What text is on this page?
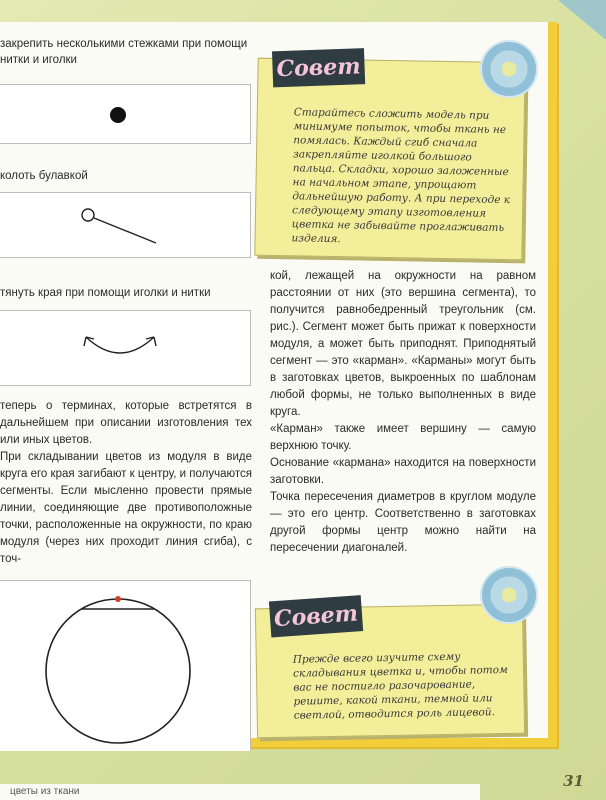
закрепить несколькими стежками при помощи нитки и иголки
колоть булавкой
тянуть края при помощи иголки и нитки

теперь о терминах, которые встретятся в дальнейшем при описании изготовления тех или иных цветов.

При складывании цветов из модуля в виде круга его края загибают к центру, и получаются сегменты. Если мысленно провести прямые линии, соединяющие две противоположные точки, расположенные на окружности, по краю модуля (через них проходит линия сгиба), с точ-

Совет
Старайтесь сложить модель при минимуме попыток, чтобы ткань не помялась. Каждый сгиб сначала закрепляйте иголкой большого пальца. Складки, хорошо заложенные на начальном этапе, упрощают дальнейшую работу. А при переходе к следующему этапу изготовления цветка не забывайте проглаживать изделия.

кой, лежащей на окружности на равном расстоянии от них (это вершина сегмента), то получится равнобедренный треугольник (см. рис.). Сегмент может быть прижат к поверхности модуля, а может быть приподнят. Приподнятый сегмент — это «карман». «Карманы» могут быть в заготовках цветов, выкроенных по шаблонам любой формы, не только выполненных в виде круга.

«Карман» также имеет вершину — самую верхнюю точку.

Основание «кармана» находится на поверхности заготовки.

Точка пересечения диаметров в круглом модуле — это его центр. Соответственно в заготовках другой формы центр можно найти на пересечении диагоналей.

Совет
Прежде всего изучите схему складывания цветка и, чтобы потом вас не постигло разочарование, решите, какой ткани, темной или светлой, отводится роль лицевой.
цветы из ткани
31
